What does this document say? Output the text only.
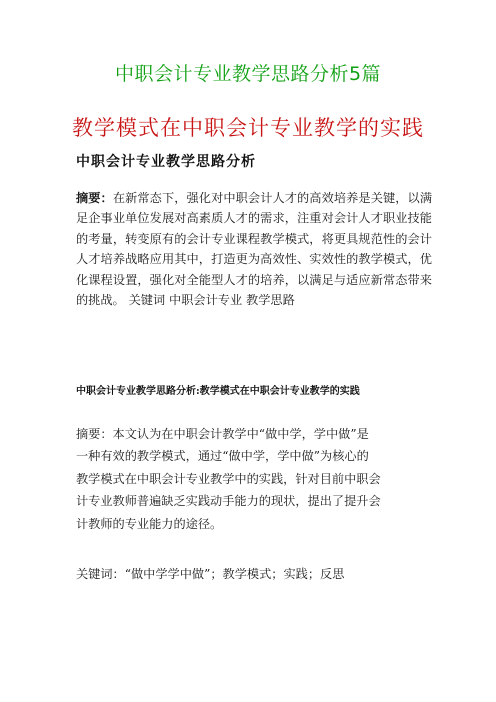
中职会计专业教学思路分析5篇
教学模式在中职会计专业教学的实践
中职会计专业教学思路分析
摘要：在新常态下，强化对中职会计人才的高效培养是关键，以满足企事业单位发展对高素质人才的需求，注重对会计人才职业技能的考量，转变原有的会计专业课程教学模式，将更具规范性的会计人才培养战略应用其中，打造更为高效性、实效性的教学模式，优化课程设置，强化对全能型人才的培养，以满足与适应新常态带来的挑战。 关键词 中职会计专业 教学思路
中职会计专业教学思路分析:教学模式在中职会计专业教学的实践
摘要：本文认为在中职会计教学中“做中学，学中做”是
一种有效的教学模式，通过“做中学，学中做”为核心的
教学模式在中职会计专业教学中的实践，针对目前中职会
计专业教师普遍缺乏实践动手能力的现状，提出了提升会
计教师的专业能力的途径。
关键词：“做中学学中做”；教学模式；实践；反思
